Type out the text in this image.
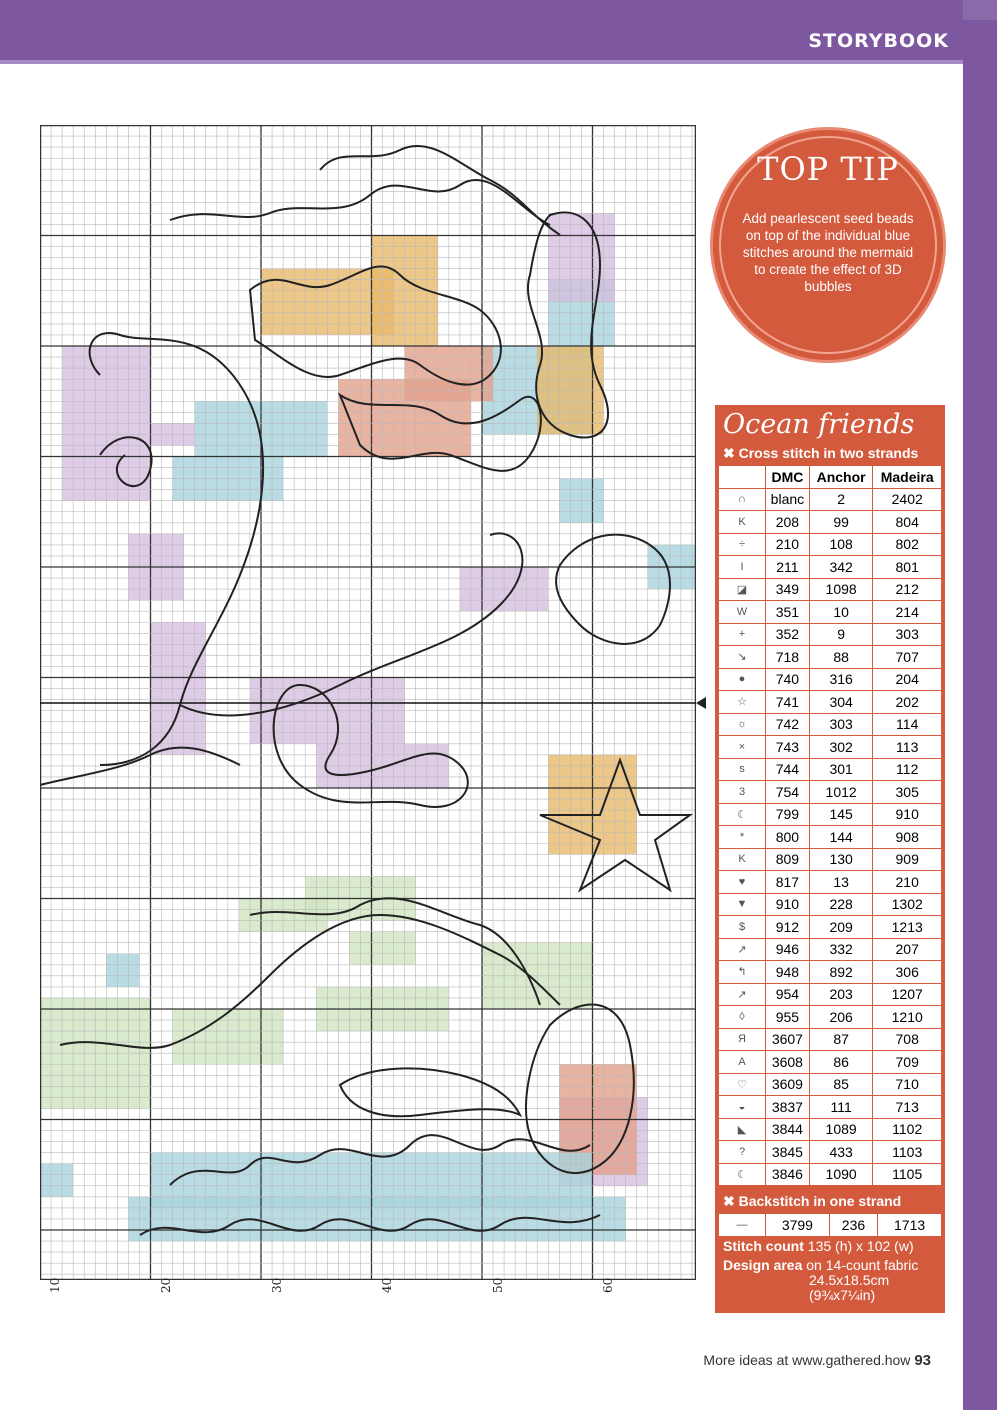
STORYBOOK
10	20	30	40	50	60
TOP TIP
Add pearlescent seed beads on top of the individual blue stitches around the mermaid to create the effect of 3D bubbles
Ocean friends
✖ Cross stitch in two strands
	DMC	Anchor	Madeira
∩	blanc	2	2402
K	208	99	804
÷	210	108	802
I	211	342	801
◪	349	1098	212
W	351	10	214
+	352	9	303
↘	718	88	707
●	740	316	204
☆	741	304	202
☼	742	303	114
×	743	302	113
s	744	301	112
3	754	1012	305
☾	799	145	910
*	800	144	908
K	809	130	909
♥	817	13	210
▼	910	228	1302
$	912	209	1213
↗	946	332	207
↰	948	892	306
↗	954	203	1207
◊	955	206	1210
Я	3607	87	708
A	3608	86	709
♡	3609	85	710
◒	3837	111	713
◣	3844	1089	1102
?	3845	433	1103
☾	3846	1090	1105
✖ Backstitch in one strand
—	3799	236	1713
Stitch count 135 (h) x 102 (w)
Design area on 14-count fabric
24.5x18.5cm
(9¾x7¼in)
More ideas at www.gathered.how 93
